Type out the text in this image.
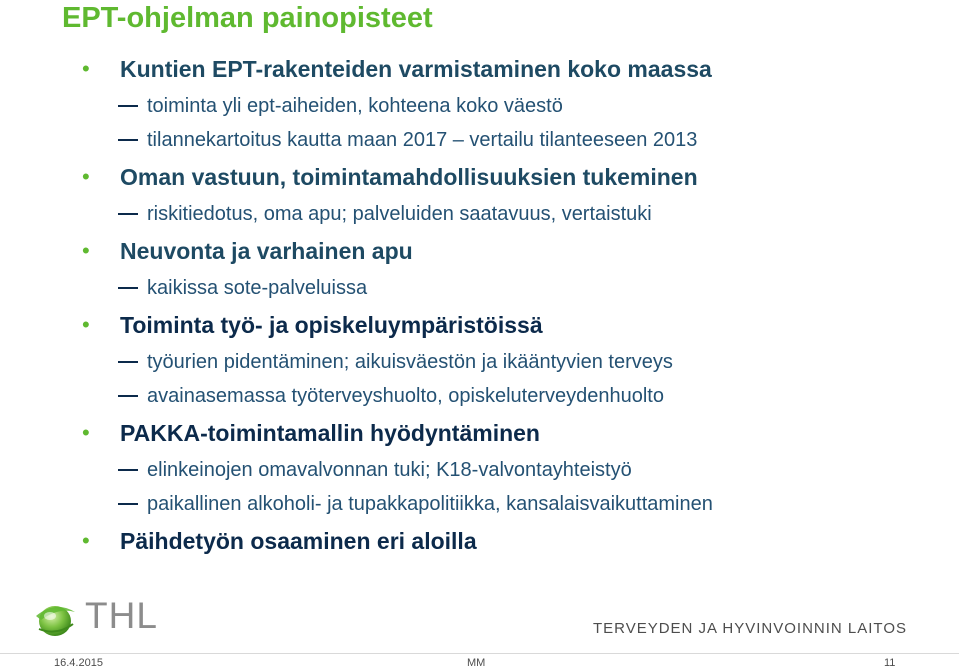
EPT-ohjelman painopisteet
• Kuntien EPT-rakenteiden varmistaminen koko maassa
toiminta yli ept-aiheiden, kohteena koko väestö
tilannekartoitus kautta maan 2017 – vertailu tilanteeseen 2013
• Oman vastuun, toimintamahdollisuuksien tukeminen
riskitiedotus, oma apu; palveluiden saatavuus, vertaistuki
• Neuvonta ja varhainen apu
kaikissa sote-palveluissa
• Toiminta työ- ja opiskeluympäristöissä
työurien pidentäminen; aikuisväestön ja ikääntyvien terveys
avainasemassa työterveyshuolto, opiskeluterveydenhuolto
• PAKKA-toimintamallin hyödyntäminen
elinkeinojen omavalvonnan tuki; K18-valvontayhteistyö
paikallinen alkoholi- ja tupakkapolitiikka, kansalaisvaikuttaminen
• Päihdetyön osaaminen eri aloilla
THL	TERVEYDEN JA HYVINVOINNIN LAITOS
16.4.2015	MM	11
